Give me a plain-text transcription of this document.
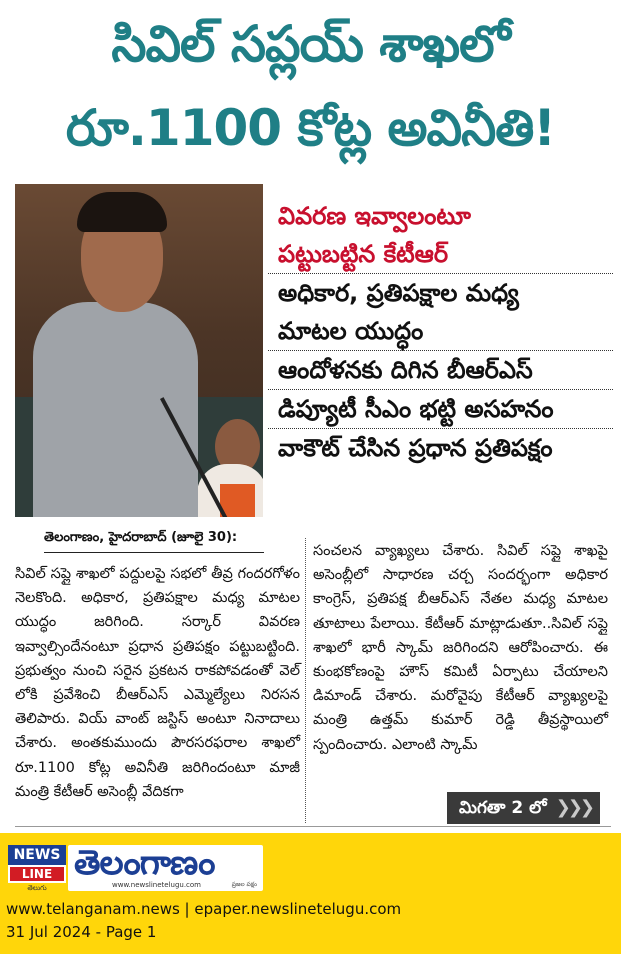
సివిల్ సప్లయ్ శాఖలో
రూ.1100 కోట్ల అవినీతి!
వివరణ ఇవ్వాలంటూ
పట్టుబట్టిన కేటీఆర్
అధికార, ప్రతిపక్షాల మధ్య
మాటల యుద్ధం
ఆందోళనకు దిగిన బీఆర్ఎస్
డిప్యూటీ సీఎం భట్టి అసహనం
వాకౌట్ చేసిన ప్రధాన ప్రతిపక్షం
తెలంగాణం, హైదరాబాద్ (జూలై 30):
సివిల్ సప్లై శాఖలో పద్దులపై సభలో తీవ్ర గందరగోళం నెలకొంది. అధికార, ప్రతిపక్షాల మధ్య మాటల యుద్ధం జరిగింది. సర్కార్ వివరణ ఇవ్వాల్సిందేనంటూ ప్రధాన ప్రతిపక్షం పట్టుబట్టింది. ప్రభుత్వం నుంచి సరైన ప్రకటన రాకపోవడంతో వెల్ లోకి ప్రవేశించి బీఆర్ఎస్ ఎమ్మెల్యేలు నిరసన తెలిపారు. వియ్ వాంట్ జస్టిస్ అంటూ నినాదాలు చేశారు. అంతకుముందు పౌరసరఫరాల శాఖలో రూ.1100 కోట్ల అవినీతి జరిగిందంటూ మాజీ మంత్రి కేటీఆర్ అసెంబ్లీ వేదికగా
సంచలన వ్యాఖ్యలు చేశారు. సివిల్ సప్లై శాఖపై అసెంబ్లీలో సాధారణ చర్చ సందర్భంగా అధికార కాంగ్రెస్, ప్రతిపక్ష బీఆర్ఎస్ నేతల మధ్య మాటల తూటాలు పేలాయి. కేటీఆర్ మాట్లాడుతూ..సివిల్ సప్లై శాఖలో భారీ స్కామ్ జరిగిందని ఆరోపించారు. ఈ కుంభకోణంపై హౌస్ కమిటీ ఏర్పాటు చేయాలని డిమాండ్ చేశారు. మరోవైపు కేటీఆర్ వ్యాఖ్యలపై మంత్రి ఉత్తమ్ కుమార్ రెడ్డి తీవ్రస్థాయిలో స్పందించారు. ఎలాంటి స్కామ్
మిగతా 2 లో ❯❯❯
NEWS
LINE
తెలుగు
తెలంగాణం
www.newslinetelugu.com	ప్రజల పక్షం
www.telanganam.news | epaper.newslinetelugu.com
31 Jul 2024 - Page 1
